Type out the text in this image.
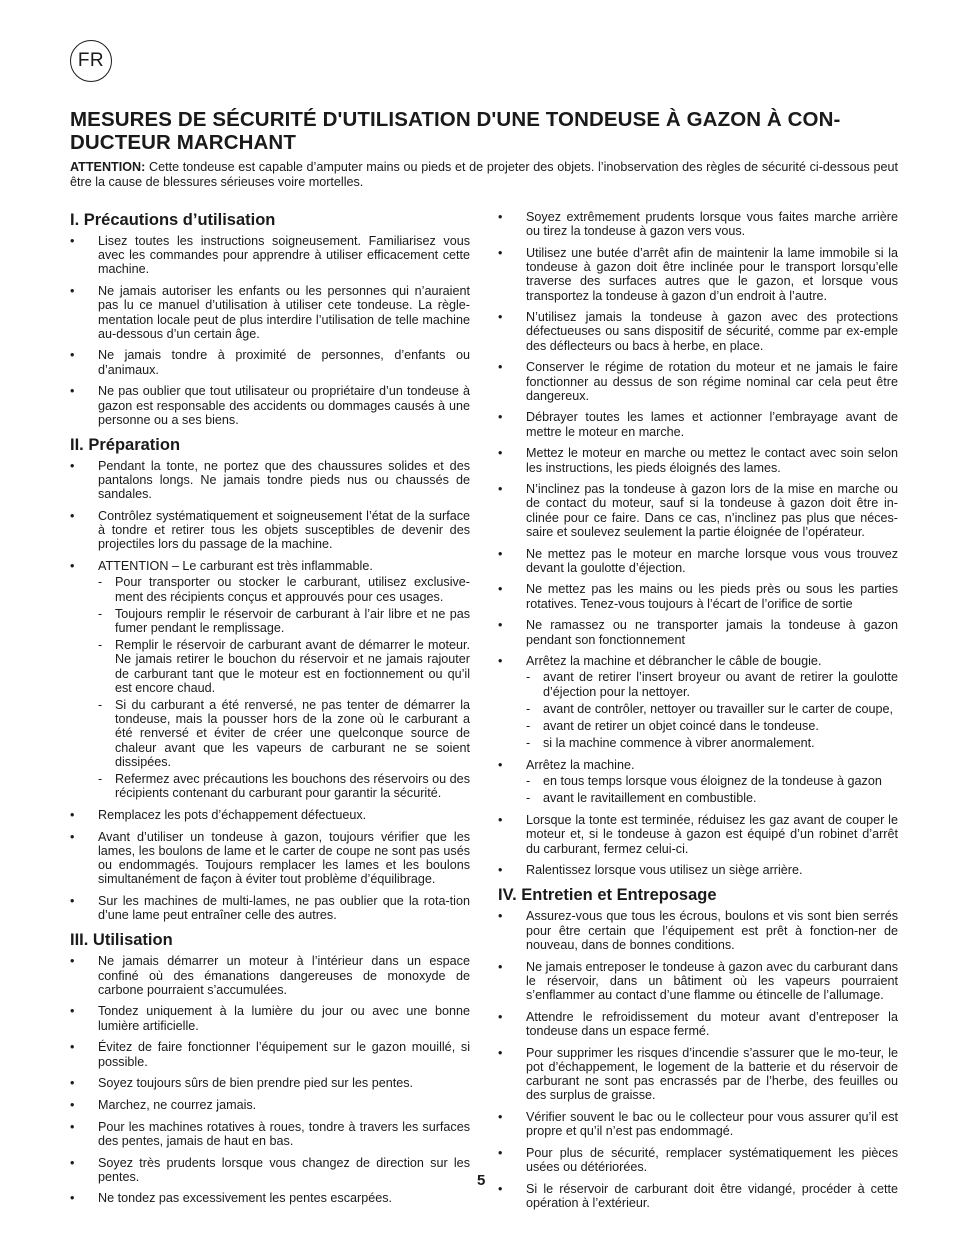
FR
MESURES DE SÉCURITÉ D'UTILISATION D'UNE TONDEUSE À GAZON À CON-DUCTEUR MARCHANT

ATTENTION: Cette tondeuse est capable d’amputer mains ou pieds et de projeter des objets. l’inobservation des règles de sécurité ci-dessous peut être la cause de blessures sérieuses voire mortelles.

I. Précautions d’utilisation
• Lisez toutes les instructions soigneusement. Familiarisez vous avec les commandes pour apprendre à utiliser efficacement cette machine.
• Ne jamais autoriser les enfants ou les personnes qui n’auraient pas lu ce manuel d’utilisation à utiliser cete tondeuse. La règle-mentation locale peut de plus interdire l’utilisation de telle machine au-dessous d’un certain âge.
• Ne jamais tondre à proximité de personnes, d’enfants ou d’animaux.
• Ne pas oublier que tout utilisateur ou propriétaire d’un tondeuse à gazon est responsable des accidents ou dommages causés à une personne ou a ses biens.
II. Préparation
• Pendant la tonte, ne portez que des chaussures solides et des pantalons longs. Ne jamais tondre pieds nus ou chaussés de sandales.
• Contrôlez systématiquement et soigneusement l’état de la surface à tondre et retirer tous les objets susceptibles de devenir des projectiles lors du passage de la machine.
• ATTENTION – Le carburant est très inflammable.
- Pour transporter ou stocker le carburant, utilisez exclusive-ment des récipients conçus et approuvés pour ces usages.
- Toujours remplir le réservoir de carburant à l’air libre et ne pas fumer pendant le remplissage.
- Remplir le réservoir de carburant avant de démarrer le moteur. Ne jamais retirer le bouchon du réservoir et ne jamais rajouter de carburant tant que le moteur est en foctionnement ou qu’il est encore chaud.
- Si du carburant a été renversé, ne pas tenter de démarrer la tondeuse, mais la pousser hors de la zone où le carburant a été renversé et éviter de créer une quelconque source de chaleur avant que les vapeurs de carburant ne se soient dissipées.
- Refermez avec précautions les bouchons des réservoirs ou des récipients contenant du carburant pour garantir la sécurité.
• Remplacez les pots d’échappement défectueux.
• Avant d’utiliser un tondeuse à gazon, toujours vérifier que les lames, les boulons de lame et le carter de coupe ne sont pas usés ou endommagés. Toujours remplacer les lames et les boulons simultanément de façon à éviter tout problème d’équilibrage.
• Sur les machines de multi-lames, ne pas oublier que la rota-tion d’une lame peut entraîner celle des autres.
III. Utilisation
• Ne jamais démarrer un moteur à l’intérieur dans un espace confiné où des émanations dangereuses de monoxyde de carbone pourraient s’accumulées.
• Tondez uniquement à la lumière du jour ou avec une bonne lumière artificielle.
• Évitez de faire fonctionner l’équipement sur le gazon mouillé, si possible.
• Soyez toujours sûrs de bien prendre pied sur les pentes.
• Marchez, ne courrez jamais.
• Pour les machines rotatives à roues, tondre à travers les surfaces des pentes, jamais de haut en bas.
• Soyez très prudents lorsque vous changez de direction sur les pentes.
• Ne tondez pas excessivement les pentes escarpées.
• Soyez extrêmement prudents lorsque vous faites marche arrière ou tirez la tondeuse à gazon vers vous.
• Utilisez une butée d’arrêt afin de maintenir la lame immobile si la tondeuse à gazon doit être inclinée pour le transport lorsqu’elle traverse des surfaces autres que le gazon, et lorsque vous transportez la tondeuse à gazon d’un endroit à l’autre.
• N’utilisez jamais la tondeuse à gazon avec des protections défectueuses ou sans dispositif de sécurité, comme par ex-emple des déflecteurs ou bacs à herbe, en place.
• Conserver le régime de rotation du moteur et ne jamais le faire fonctionner au dessus de son régime nominal car cela peut être dangereux.
• Débrayer toutes les lames et actionner l’embrayage avant de mettre le moteur en marche.
• Mettez le moteur en marche ou mettez le contact avec soin selon les instructions, les pieds éloignés des lames.
• N’inclinez pas la tondeuse à gazon lors de la mise en marche ou de contact du moteur, sauf si la tondeuse à gazon doit être in-clinée pour ce faire. Dans ce cas, n’inclinez pas plus que néces-saire et soulevez seulement la partie éloignée de l’opérateur.
• Ne mettez pas le moteur en marche lorsque vous vous trouvez devant la goulotte d’éjection.
• Ne mettez pas les mains ou les pieds près ou sous les parties rotatives. Tenez-vous toujours à l’écart de l’orifice de sortie
• Ne ramassez ou ne transporter jamais la tondeuse à gazon pendant son fonctionnement
• Arrêtez la machine et débrancher le câble de bougie.
- avant de retirer l’insert broyeur ou avant de retirer la goulotte d’éjection pour la nettoyer.
- avant de contrôler, nettoyer ou travailler sur le carter de coupe,
- avant de retirer un objet coincé dans le tondeuse.
- si la machine commence à vibrer anormalement.
• Arrêtez la machine.
- en tous temps lorsque vous éloignez de la tondeuse à gazon
- avant le ravitaillement en combustible.
• Lorsque la tonte est terminée, réduisez les gaz avant de couper le moteur et, si le tondeuse à gazon est équipé d’un robinet d’arrêt du carburant, fermez celui-ci.
• Ralentissez lorsque vous utilisez un siège arrière.
IV. Entretien et Entreposage
• Assurez-vous que tous les écrous, boulons et vis sont bien serrés pour être certain que l’équipement est prêt à fonction-ner de nouveau, dans de bonnes conditions.
• Ne jamais entreposer le tondeuse à gazon avec du carburant dans le réservoir, dans un bâtiment où les vapeurs pourraient s’enflammer au contact d’une flamme ou étincelle de l’allumage.
• Attendre le refroidissement du moteur avant d’entreposer la tondeuse dans un espace fermé.
• Pour supprimer les risques d’incendie s’assurer que le mo-teur, le pot d’échappement, le logement de la batterie et du réservoir de carburant ne sont pas encrassés par de l’herbe, des feuilles ou des surplus de graisse.
• Vérifier souvent le bac ou le collecteur pour vous assurer qu’il est propre et qu’il n’est pas endommagé.
• Pour plus de sécurité, remplacer systématiquement les pièces usées ou détériorées.
• Si le réservoir de carburant doit être vidangé, procéder à cette opération à l’extérieur.
5
